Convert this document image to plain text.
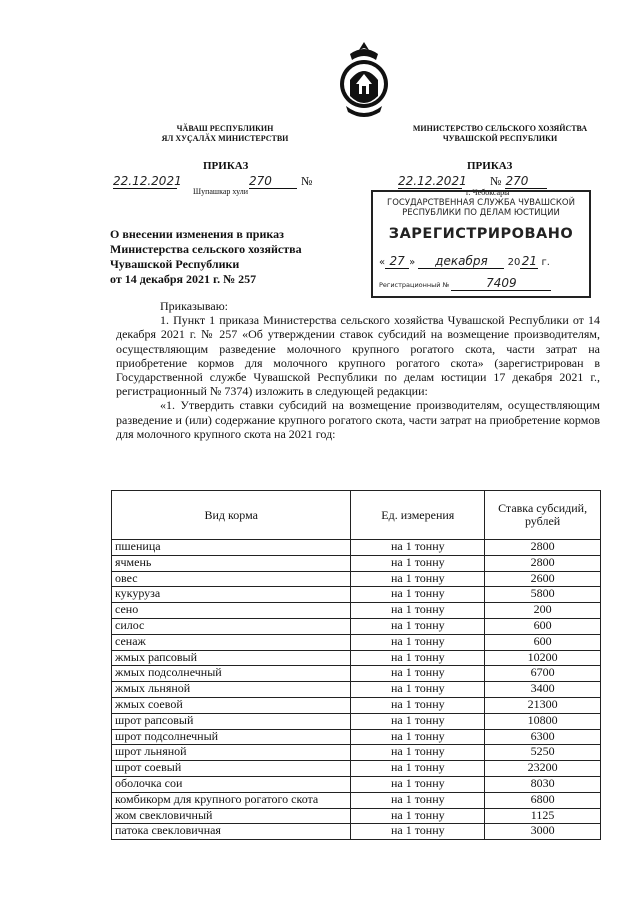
ЧӐВАШ РЕСПУБЛИКИН
ЯЛ ХУҪАЛӐХ МИНИСТЕРСТВИ
МИНИСТЕРСТВО СЕЛЬСКОГО ХОЗЯЙСТВА
ЧУВАШСКОЙ РЕСПУБЛИКИ
ПРИКАЗ	ПРИКАЗ
22.12.2021	270 №
Шупашкар хули
22.12.2021 № 270
г. Чебоксары
ГОСУДАРСТВЕННАЯ СЛУЖБА ЧУВАШСКОЙ
РЕСПУБЛИКИ ПО ДЕЛАМ ЮСТИЦИИ
ЗАРЕГИСТРИРОВАНО
« 27 » декабря 2021 г.
Регистрационный №	7409
О внесении изменения в приказ
Министерства сельского хозяйства
Чувашской Республики
от 14 декабря 2021 г. № 257

Приказываю:

1. Пункт 1 приказа Министерства сельского хозяйства Чувашской Республики от 14 декабря 2021 г. № 257 «Об утверждении ставок субсидий на возмещение производителям, осуществляющим разведение молочного крупного рогатого скота, части затрат на приобретение кормов для молочного крупного рогатого скота» (зарегистрирован в Государственной службе Чувашской Республики по делам юстиции 17 декабря 2021 г., регистрационный № 7374) изложить в следующей редакции:

«1. Утвердить ставки субсидий на возмещение производителям, осуществляющим разведение и (или) содержание крупного рогатого скота, части затрат на приобретение кормов для молочного крупного скота на 2021 год:

Вид корма	Ед. измерения	Ставка субсидий, рублей
пшеница	на 1 тонну	2800
ячмень	на 1 тонну	2800
овес	на 1 тонну	2600
кукуруза	на 1 тонну	5800
сено	на 1 тонну	200
силос	на 1 тонну	600
сенаж	на 1 тонну	600
жмых рапсовый	на 1 тонну	10200
жмых подсолнечный	на 1 тонну	6700
жмых льняной	на 1 тонну	3400
жмых соевой	на 1 тонну	21300
шрот рапсовый	на 1 тонну	10800
шрот подсолнечный	на 1 тонну	6300
шрот льняной	на 1 тонну	5250
шрот соевый	на 1 тонну	23200
оболочка сои	на 1 тонну	8030
комбикорм для крупного рогатого скота	на 1 тонну	6800
жом свекловичный	на 1 тонну	1125
патока свекловичная	на 1 тонну	3000
